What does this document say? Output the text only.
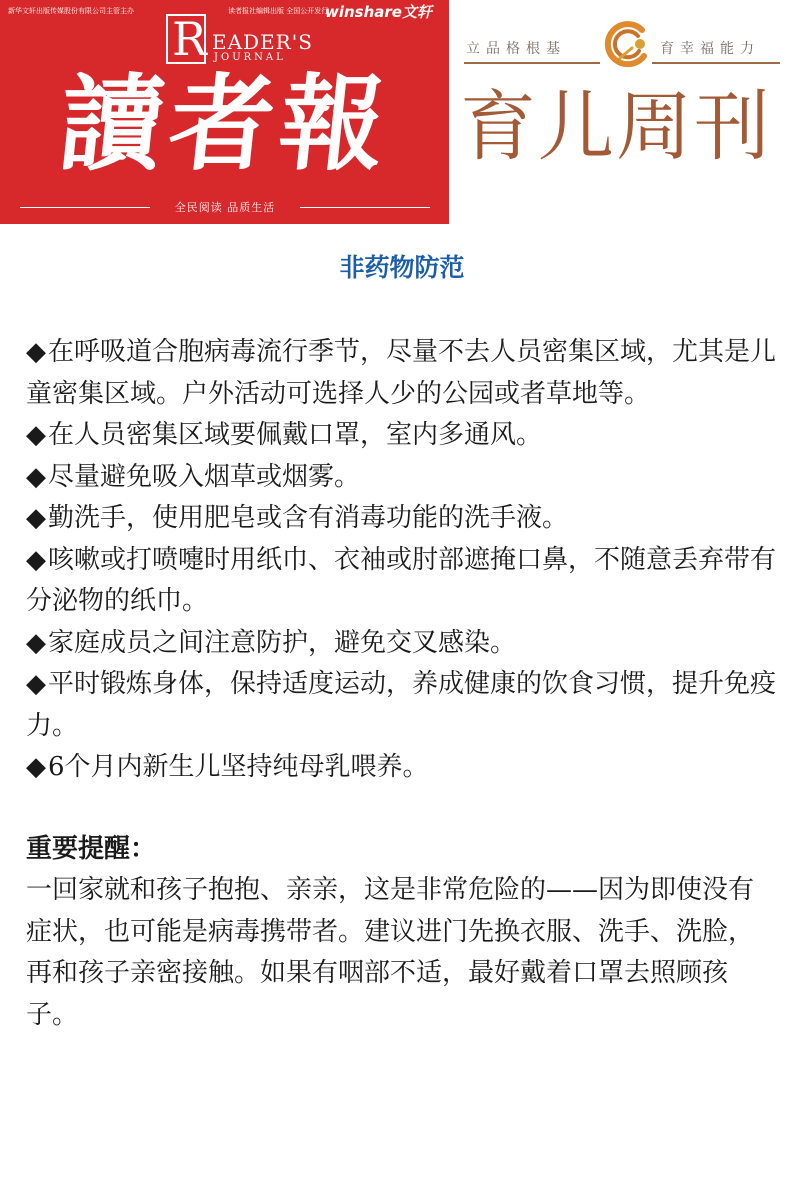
新华文轩出版传媒股份有限公司主管主办	读者报社编辑出版 全国公开发行
winshare文轩
R EADER'S
JOURNAL
讀者報
全民阅读 品质生活
立品格根基	育幸福能力
育儿周刊
非药物防范
◆在呼吸道合胞病毒流行季节，尽量不去人员密集区域，尤其是儿童密集区域。户外活动可选择人少的公园或者草地等。
◆在人员密集区域要佩戴口罩，室内多通风。
◆尽量避免吸入烟草或烟雾。
◆勤洗手，使用肥皂或含有消毒功能的洗手液。
◆咳嗽或打喷嚏时用纸巾、衣袖或肘部遮掩口鼻，不随意丢弃带有分泌物的纸巾。
◆家庭成员之间注意防护，避免交叉感染。
◆平时锻炼身体，保持适度运动，养成健康的饮食习惯，提升免疫力。
◆6个月内新生儿坚持纯母乳喂养。
重要提醒：

一回家就和孩子抱抱、亲亲，这是非常危险的——因为即使没有症状，也可能是病毒携带者。建议进门先换衣服、洗手、洗脸，再和孩子亲密接触。如果有咽部不适，最好戴着口罩去照顾孩子。
